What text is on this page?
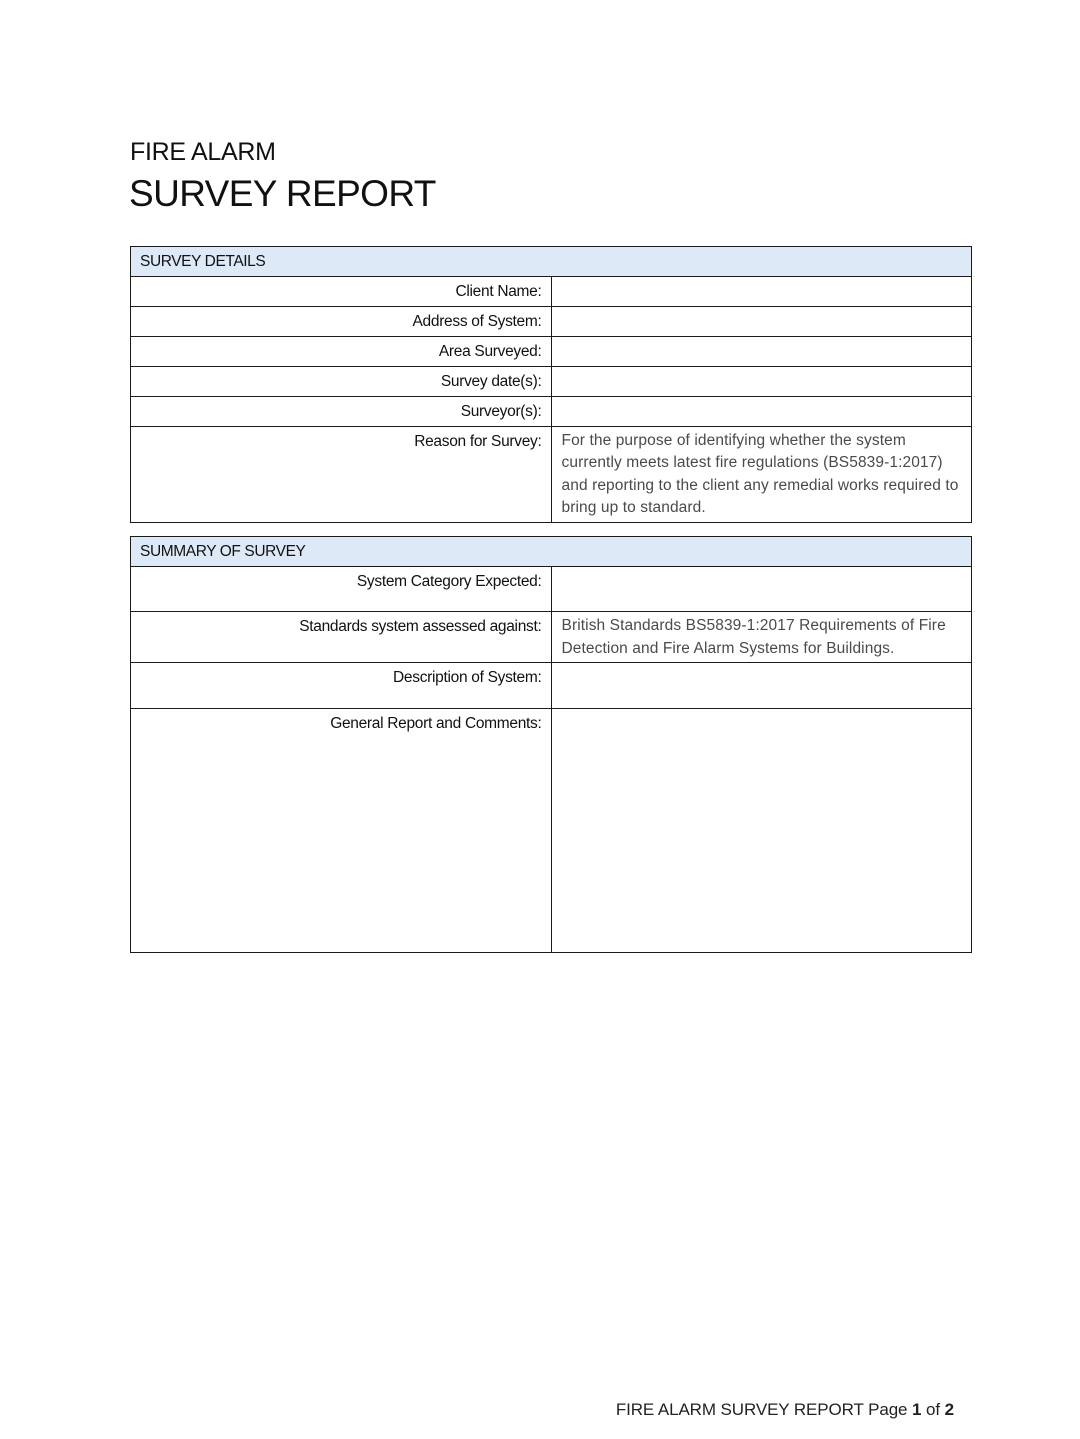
FIRE ALARM
SURVEY REPORT
SURVEY DETAILS	
Client Name:	
Address of System:	
Area Surveyed:	
Survey date(s):	
Surveyor(s):	
Reason for Survey:	For the purpose of identifying whether the system currently meets latest fire regulations (BS5839-1:2017) and reporting to the client any remedial works required to bring up to standard.
SUMMARY OF SURVEY	
System Category Expected:	
Standards system assessed against:	British Standards BS5839-1:2017 Requirements of Fire Detection and Fire Alarm Systems for Buildings.
Description of System:	
General Report and Comments:	
FIRE ALARM SURVEY REPORT Page 1 of 2
